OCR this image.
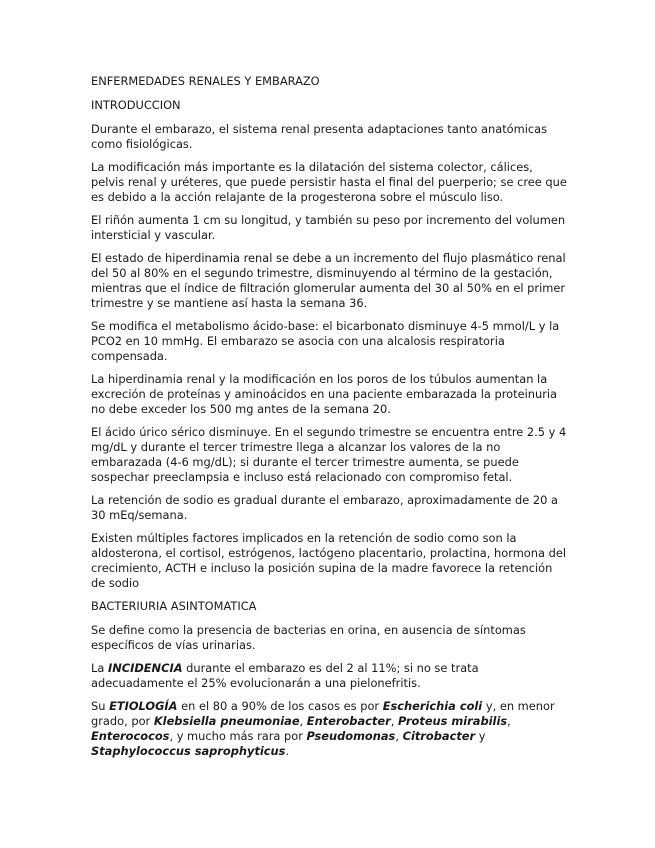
ENFERMEDADES RENALES Y EMBARAZO

INTRODUCCION

Durante el embarazo, el sistema renal presenta adaptaciones tanto anatómicas como fisiológicas.

La modificación más importante es la dilatación del sistema colector, cálices, pelvis renal y uréteres, que puede persistir hasta el final del puerperio; se cree que es debido a la acción relajante de la progesterona sobre el músculo liso.

El riñón aumenta 1 cm su longitud, y también su peso por incremento del volumen intersticial y vascular.

El estado de hiperdinamia renal se debe a un incremento del flujo plasmático renal del 50 al 80% en el segundo trimestre, disminuyendo al término de la gestación, mientras que el índice de filtración glomerular aumenta del 30 al 50% en el primer trimestre y se mantiene así hasta la semana 36.

Se modifica el metabolismo ácido-base: el bicarbonato disminuye 4-5 mmol/L y la PCO2 en 10 mmHg. El embarazo se asocia con una alcalosis respiratoria compensada.

La hiperdinamia renal y la modificación en los poros de los túbulos aumentan la excreción de proteínas y aminoácidos en una paciente embarazada la proteinuria no debe exceder los 500 mg antes de la semana 20.

El ácido úrico sérico disminuye. En el segundo trimestre se encuentra entre 2.5 y 4 mg/dL y durante el tercer trimestre llega a alcanzar los valores de la no embarazada (4-6 mg/dL); si durante el tercer trimestre aumenta, se puede sospechar preeclampsia e incluso está relacionado con compromiso fetal.

La retención de sodio es gradual durante el embarazo, aproximadamente de 20 a 30 mEq/semana.

Existen múltiples factores implicados en la retención de sodio como son la aldosterona, el cortisol, estrógenos, lactógeno placentario, prolactina, hormona del crecimiento, ACTH e incluso la posición supina de la madre favorece la retención de sodio

BACTERIURIA ASINTOMATICA

Se define como la presencia de bacterias en orina, en ausencia de síntomas específicos de vías urinarias.

La INCIDENCIA durante el embarazo es del 2 al 11%; si no se trata adecuadamente el 25% evolucionarán a una pielonefritis.

Su ETIOLOGÍA en el 80 a 90% de los casos es por Escherichia coli y, en menor grado, por Klebsiella pneumoniae, Enterobacter, Proteus mirabilis, Enterococos, y mucho más rara por Pseudomonas, Citrobacter y Staphylococcus saprophyticus.
